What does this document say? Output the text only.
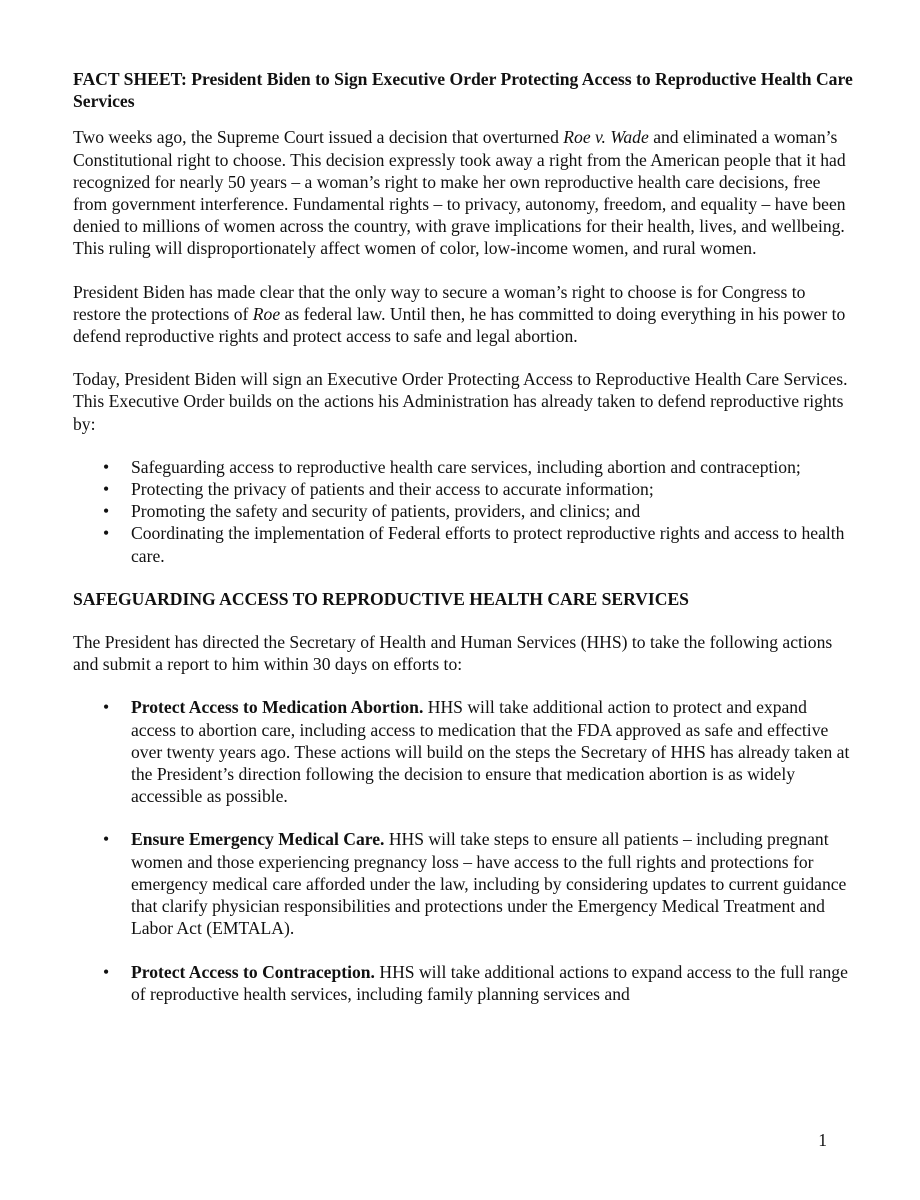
FACT SHEET: President Biden to Sign Executive Order Protecting Access to Reproductive Health Care Services

Two weeks ago, the Supreme Court issued a decision that overturned Roe v. Wade and eliminated a woman’s Constitutional right to choose. This decision expressly took away a right from the American people that it had recognized for nearly 50 years – a woman’s right to make her own reproductive health care decisions, free from government interference. Fundamental rights – to privacy, autonomy, freedom, and equality – have been denied to millions of women across the country, with grave implications for their health, lives, and wellbeing. This ruling will disproportionately affect women of color, low-income women, and rural women.

President Biden has made clear that the only way to secure a woman’s right to choose is for Congress to restore the protections of Roe as federal law. Until then, he has committed to doing everything in his power to defend reproductive rights and protect access to safe and legal abortion.

Today, President Biden will sign an Executive Order Protecting Access to Reproductive Health Care Services. This Executive Order builds on the actions his Administration has already taken to defend reproductive rights by:

• Safeguarding access to reproductive health care services, including abortion and contraception;
• Protecting the privacy of patients and their access to accurate information;
• Promoting the safety and security of patients, providers, and clinics; and
• Coordinating the implementation of Federal efforts to protect reproductive rights and access to health care.
SAFEGUARDING ACCESS TO REPRODUCTIVE HEALTH CARE SERVICES

The President has directed the Secretary of Health and Human Services (HHS) to take the following actions and submit a report to him within 30 days on efforts to:

• Protect Access to Medication Abortion. HHS will take additional action to protect and expand access to abortion care, including access to medication that the FDA approved as safe and effective over twenty years ago. These actions will build on the steps the Secretary of HHS has already taken at the President’s direction following the decision to ensure that medication abortion is as widely accessible as possible.
• Ensure Emergency Medical Care. HHS will take steps to ensure all patients – including pregnant women and those experiencing pregnancy loss – have access to the full rights and protections for emergency medical care afforded under the law, including by considering updates to current guidance that clarify physician responsibilities and protections under the Emergency Medical Treatment and Labor Act (EMTALA).
• Protect Access to Contraception. HHS will take additional actions to expand access to the full range of reproductive health services, including family planning services and
1
